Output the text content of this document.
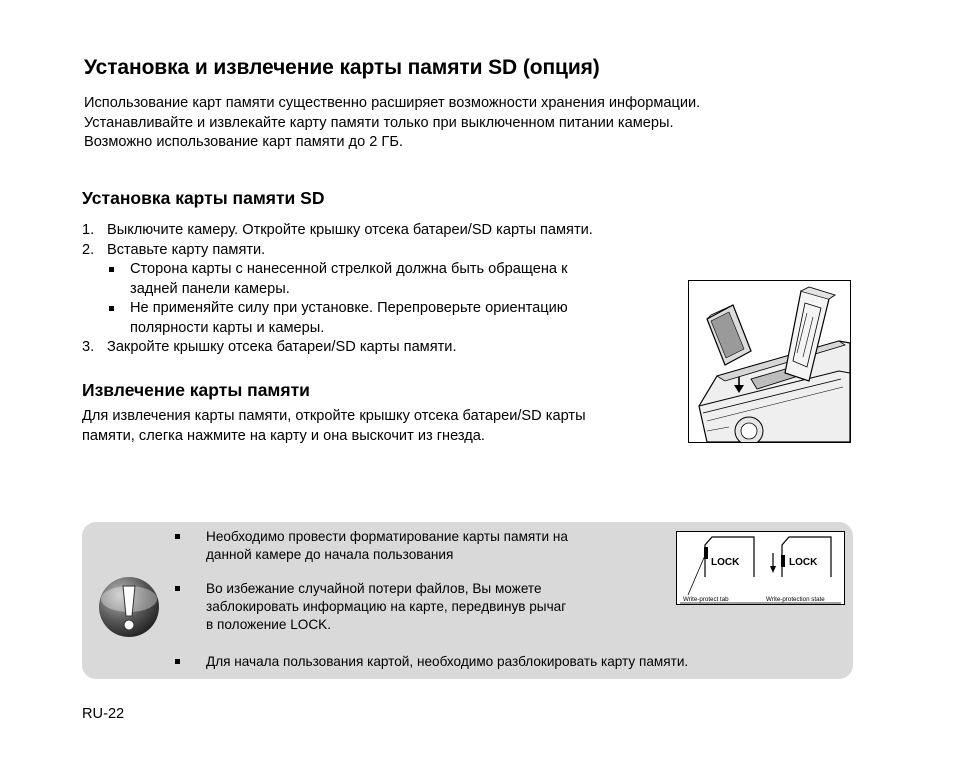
Установка и извлечение карты памяти SD (опция)
Использование карт памяти существенно расширяет возможности хранения информации.
Устанавливайте и извлекайте карту памяти только при выключенном питании камеры.
Возможно использование карт памяти до 2 ГБ.
Установка карты памяти SD
1. Выключите камеру. Откройте крышку отсека батареи/SD карты памяти.
2. Вставьте карту памяти.
Сторона карты с нанесенной стрелкой должна быть обращена к
задней панели камеры.
Не применяйте силу при установке. Перепроверьте ориентацию
полярности карты и камеры.
3. Закройте крышку отсека батареи/SD карты памяти.
Извлечение карты памяти
Для извлечения карты памяти, откройте крышку отсека батареи/SD карты
памяти, слегка нажмите на карту и она выскочит из гнезда.
Необходимо провести форматирование карты памяти на
данной камере до начала пользования
Во избежание случайной потери файлов, Вы можете
заблокировать информацию на карте, передвинув рычаг
в положение LOCK.
Для начала пользования картой, необходимо разблокировать карту памяти.
LOCK	LOCK
Write-protect tab	Write-protection state
RU-22
